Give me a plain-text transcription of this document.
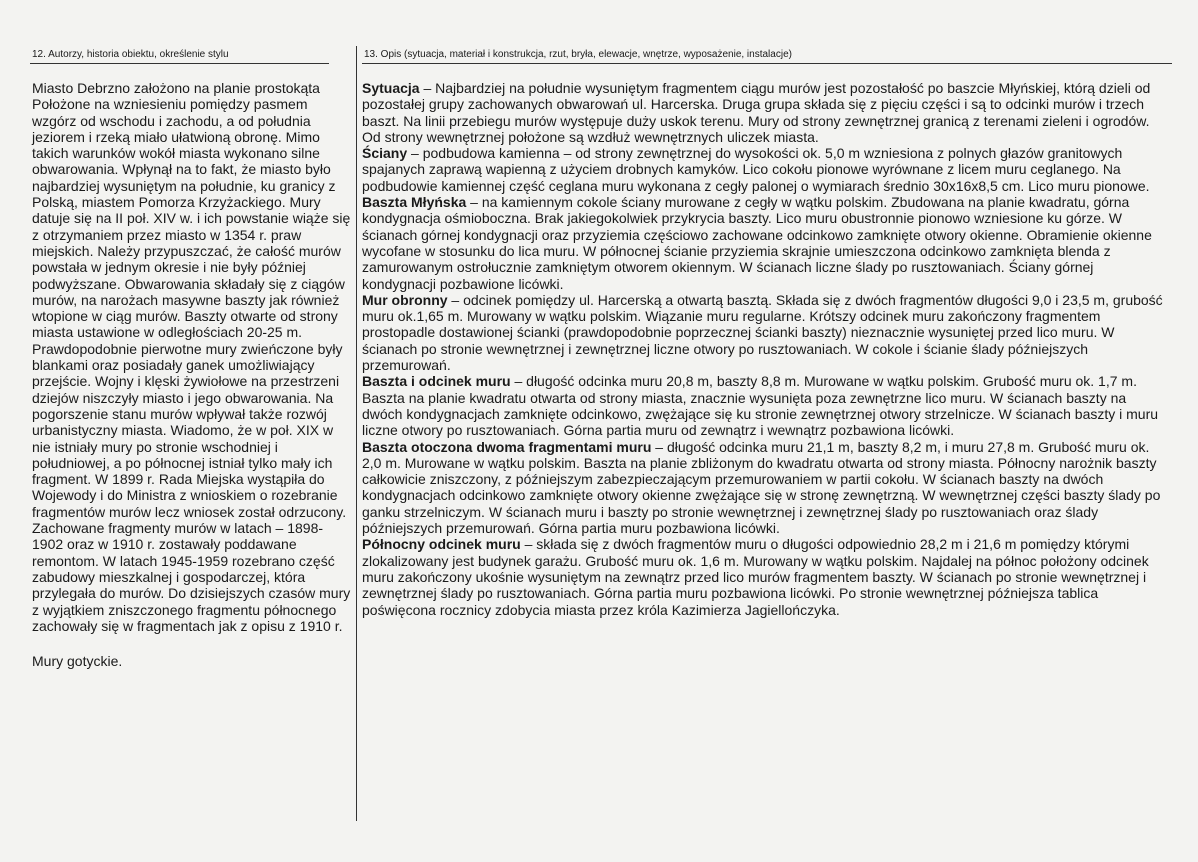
12. Autorzy, historia obiektu, określenie stylu	13. Opis (sytuacja, materiał i konstrukcja, rzut, bryła, elewacje, wnętrze, wyposażenie, instalacje)

Miasto Debrzno założono na planie prostokąta Położone na wzniesieniu pomiędzy pasmem wzgórz od wschodu i zachodu, a od południa jeziorem i rzeką miało ułatwioną obronę. Mimo takich warunków wokół miasta wykonano silne obwarowania. Wpłynął na to fakt, że miasto było najbardziej wysuniętym na południe, ku granicy z Polską, miastem Pomorza Krzyżackiego. Mury datuje się na II poł. XIV w. i ich powstanie wiąże się z otrzymaniem przez miasto w 1354 r. praw miejskich. Należy przypuszczać, że całość murów powstała w jednym okresie i nie były później podwyższane. Obwarowania składały się z ciągów murów, na narożach masywne baszty jak również wtopione w ciąg murów. Baszty otwarte od strony miasta ustawione w odległościach 20-25 m. Prawdopodobnie pierwotne mury zwieńczone były blankami oraz posiadały ganek umożliwiający przejście. Wojny i klęski żywiołowe na przestrzeni dziejów niszczyły miasto i jego obwarowania. Na pogorszenie stanu murów wpływał także rozwój urbanistyczny miasta. Wiadomo, że w poł. XIX w nie istniały mury po stronie wschodniej i południowej, a po północnej istniał tylko mały ich fragment. W 1899 r. Rada Miejska wystąpiła do Wojewody i do Ministra z wnioskiem o rozebranie fragmentów murów lecz wniosek został odrzucony. Zachowane fragmenty murów w latach – 1898-1902 oraz w 1910 r. zostawały poddawane remontom. W latach 1945-1959 rozebrano część zabudowy mieszkalnej i gospodarczej, która przylegała do murów. Do dzisiejszych czasów mury z wyjątkiem zniszczonego fragmentu północnego zachowały się w fragmentach jak z opisu z 1910 r.

Mury gotyckie.

Sytuacja – Najbardziej na południe wysuniętym fragmentem ciągu murów jest pozostałość po baszcie Młyńskiej, którą dzieli od pozostałej grupy zachowanych obwarowań ul. Harcerska. Druga grupa składa się z pięciu części i są to odcinki murów i trzech baszt. Na linii przebiegu murów występuje duży uskok terenu. Mury od strony zewnętrznej granicą z terenami zieleni i ogrodów. Od strony wewnętrznej położone są wzdłuż wewnętrznych uliczek miasta.

Ściany – podbudowa kamienna – od strony zewnętrznej do wysokości ok. 5,0 m wzniesiona z polnych głazów granitowych spajanych zaprawą wapienną z użyciem drobnych kamyków. Lico cokołu pionowe wyrównane z licem muru ceglanego. Na podbudowie kamiennej część ceglana muru wykonana z cegły palonej o wymiarach średnio 30x16x8,5 cm. Lico muru pionowe.

Baszta Młyńska – na kamiennym cokole ściany murowane z cegły w wątku polskim. Zbudowana na planie kwadratu, górna kondygnacja ośmioboczna. Brak jakiegokolwiek przykrycia baszty. Lico muru obustronnie pionowo wzniesione ku górze. W ścianach górnej kondygnacji oraz przyziemia częściowo zachowane odcinkowo zamknięte otwory okienne. Obramienie okienne wycofane w stosunku do lica muru. W północnej ścianie przyziemia skrajnie umieszczona odcinkowo zamknięta blenda z zamurowanym ostrołucznie zamkniętym otworem okiennym. W ścianach liczne ślady po rusztowaniach. Ściany górnej kondygnacji pozbawione licówki.

Mur obronny – odcinek pomiędzy ul. Harcerską a otwartą basztą. Składa się z dwóch fragmentów długości 9,0 i 23,5 m, grubość muru ok.1,65 m. Murowany w wątku polskim. Wiązanie muru regularne. Krótszy odcinek muru zakończony fragmentem prostopadle dostawionej ścianki (prawdopodobnie poprzecznej ścianki baszty) nieznacznie wysuniętej przed lico muru. W ścianach po stronie wewnętrznej i zewnętrznej liczne otwory po rusztowaniach. W cokole i ścianie ślady późniejszych przemurowań.

Baszta i odcinek muru – długość odcinka muru 20,8 m, baszty 8,8 m. Murowane w wątku polskim. Grubość muru ok. 1,7 m. Baszta na planie kwadratu otwarta od strony miasta, znacznie wysunięta poza zewnętrzne lico muru. W ścianach baszty na dwóch kondygnacjach zamknięte odcinkowo, zwężające się ku stronie zewnętrznej otwory strzelnicze. W ścianach baszty i muru liczne otwory po rusztowaniach. Górna partia muru od zewnątrz i wewnątrz pozbawiona licówki.

Baszta otoczona dwoma fragmentami muru – długość odcinka muru 21,1 m, baszty 8,2 m, i muru 27,8 m. Grubość muru ok. 2,0 m. Murowane w wątku polskim. Baszta na planie zbliżonym do kwadratu otwarta od strony miasta. Północny narożnik baszty całkowicie zniszczony, z późniejszym zabezpieczającym przemurowaniem w partii cokołu. W ścianach baszty na dwóch kondygnacjach odcinkowo zamknięte otwory okienne zwężające się w stronę zewnętrzną. W wewnętrznej części baszty ślady po ganku strzelniczym. W ścianach muru i baszty po stronie wewnętrznej i zewnętrznej ślady po rusztowaniach oraz ślady późniejszych przemurowań. Górna partia muru pozbawiona licówki.

Północny odcinek muru – składa się z dwóch fragmentów muru o długości odpowiednio 28,2 m i 21,6 m pomiędzy którymi zlokalizowany jest budynek garażu. Grubość muru ok. 1,6 m. Murowany w wątku polskim. Najdalej na północ położony odcinek muru zakończony ukośnie wysuniętym na zewnątrz przed lico murów fragmentem baszty. W ścianach po stronie wewnętrznej i zewnętrznej ślady po rusztowaniach. Górna partia muru pozbawiona licówki. Po stronie wewnętrznej późniejsza tablica poświęcona rocznicy zdobycia miasta przez króla Kazimierza Jagiellończyka.
